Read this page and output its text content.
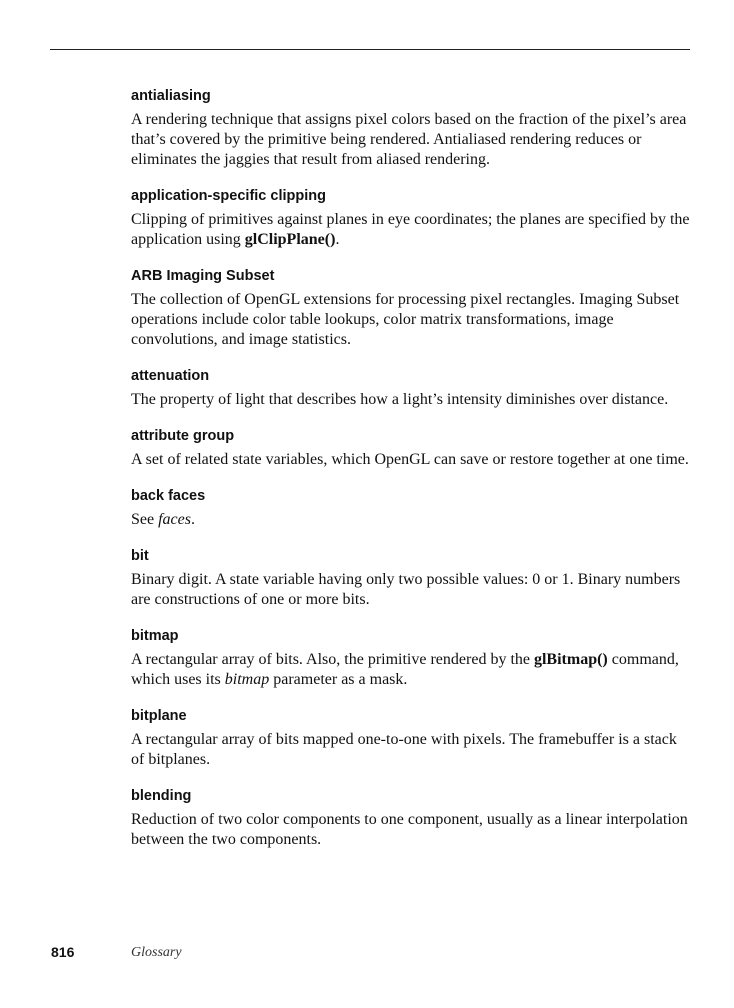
antialiasing

A rendering technique that assigns pixel colors based on the fraction of the pixel’s area that’s covered by the primitive being rendered. Antialiased rendering reduces or eliminates the jaggies that result from aliased rendering.

application-specific clipping

Clipping of primitives against planes in eye coordinates; the planes are specified by the application using glClipPlane().

ARB Imaging Subset

The collection of OpenGL extensions for processing pixel rectangles. Imaging Subset operations include color table lookups, color matrix transformations, image convolutions, and image statistics.

attenuation

The property of light that describes how a light’s intensity diminishes over distance.

attribute group

A set of related state variables, which OpenGL can save or restore together at one time.

back faces

See faces.

bit

Binary digit. A state variable having only two possible values: 0 or 1. Binary numbers are constructions of one or more bits.

bitmap

A rectangular array of bits. Also, the primitive rendered by the glBitmap() command, which uses its bitmap parameter as a mask.

bitplane

A rectangular array of bits mapped one-to-one with pixels. The framebuffer is a stack of bitplanes.

blending

Reduction of two color components to one component, usually as a linear interpolation between the two components.

816	Glossary
